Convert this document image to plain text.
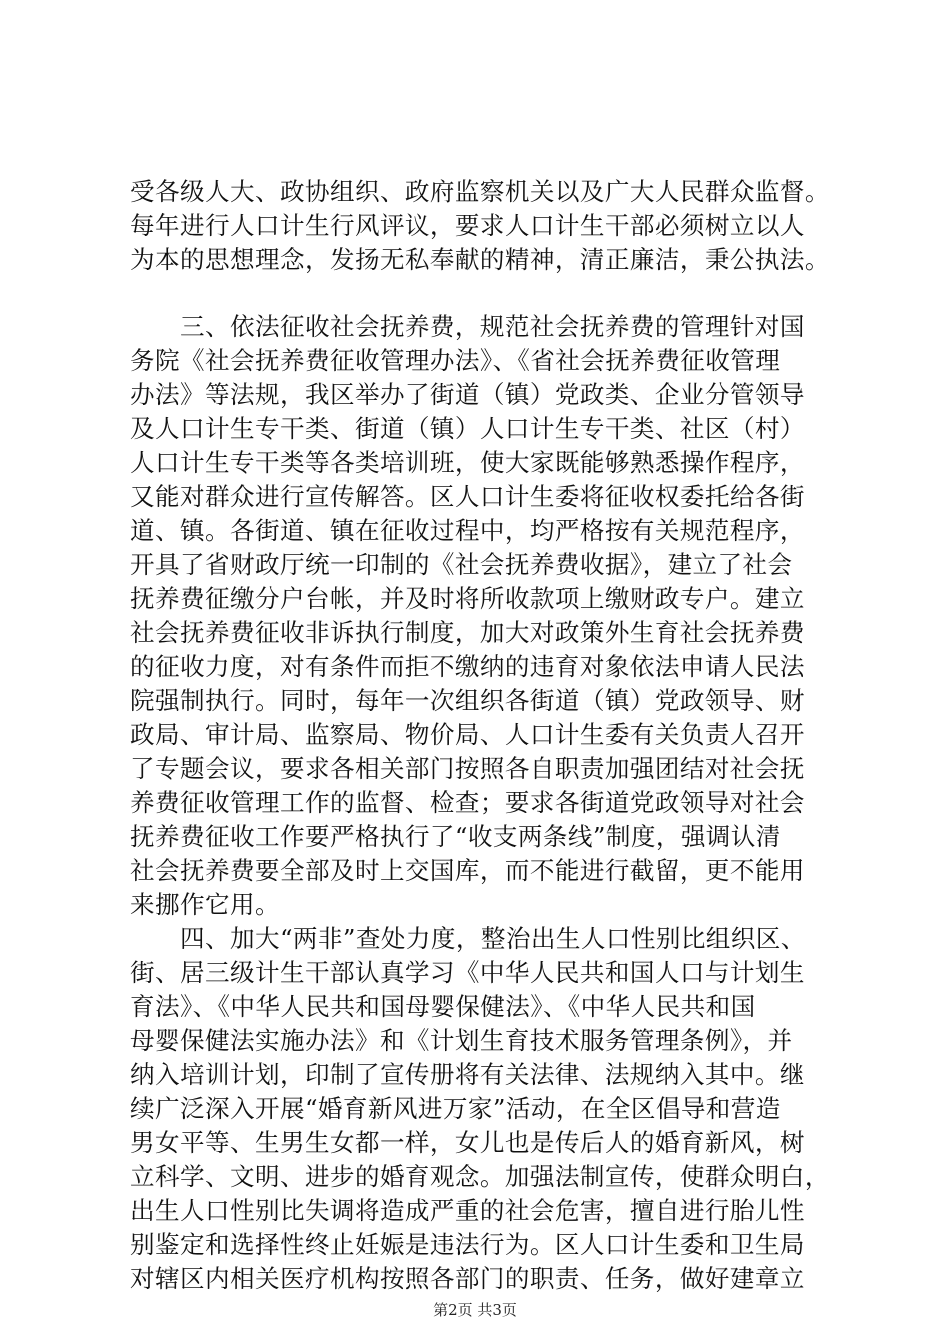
受各级人大、政协组织、政府监察机关以及广大人民群众监督。
每年进行人口计生行风评议，要求人口计生干部必须树立以人
为本的思想理念，发扬无私奉献的精神，清正廉洁，秉公执法。
　　三、依法征收社会抚养费，规范社会抚养费的管理针对国
务院《社会抚养费征收管理办法》、《省社会抚养费征收管理
办法》等法规，我区举办了街道（镇）党政类、企业分管领导
及人口计生专干类、街道（镇）人口计生专干类、社区（村）
人口计生专干类等各类培训班，使大家既能够熟悉操作程序，
又能对群众进行宣传解答。区人口计生委将征收权委托给各街
道、镇。各街道、镇在征收过程中，均严格按有关规范程序，
开具了省财政厅统一印制的《社会抚养费收据》，建立了社会
抚养费征缴分户台帐，并及时将所收款项上缴财政专户。建立
社会抚养费征收非诉执行制度，加大对政策外生育社会抚养费
的征收力度，对有条件而拒不缴纳的违育对象依法申请人民法
院强制执行。同时，每年一次组织各街道（镇）党政领导、财
政局、审计局、监察局、物价局、人口计生委有关负责人召开
了专题会议，要求各相关部门按照各自职责加强团结对社会抚
养费征收管理工作的监督、检查；要求各街道党政领导对社会
抚养费征收工作要严格执行了“收支两条线”制度，强调认清
社会抚养费要全部及时上交国库，而不能进行截留，更不能用
来挪作它用。
　　四、加大“两非”查处力度，整治出生人口性别比组织区、
街、居三级计生干部认真学习《中华人民共和国人口与计划生
育法》、《中华人民共和国母婴保健法》、《中华人民共和国
母婴保健法实施办法》和《计划生育技术服务管理条例》，并
纳入培训计划，印制了宣传册将有关法律、法规纳入其中。继
续广泛深入开展“婚育新风进万家”活动，在全区倡导和营造
男女平等、生男生女都一样，女儿也是传后人的婚育新风，树
立科学、文明、进步的婚育观念。加强法制宣传，使群众明白，
出生人口性别比失调将造成严重的社会危害，擅自进行胎儿性
别鉴定和选择性终止妊娠是违法行为。区人口计生委和卫生局
对辖区内相关医疗机构按照各部门的职责、任务，做好建章立
第2页 共3页
